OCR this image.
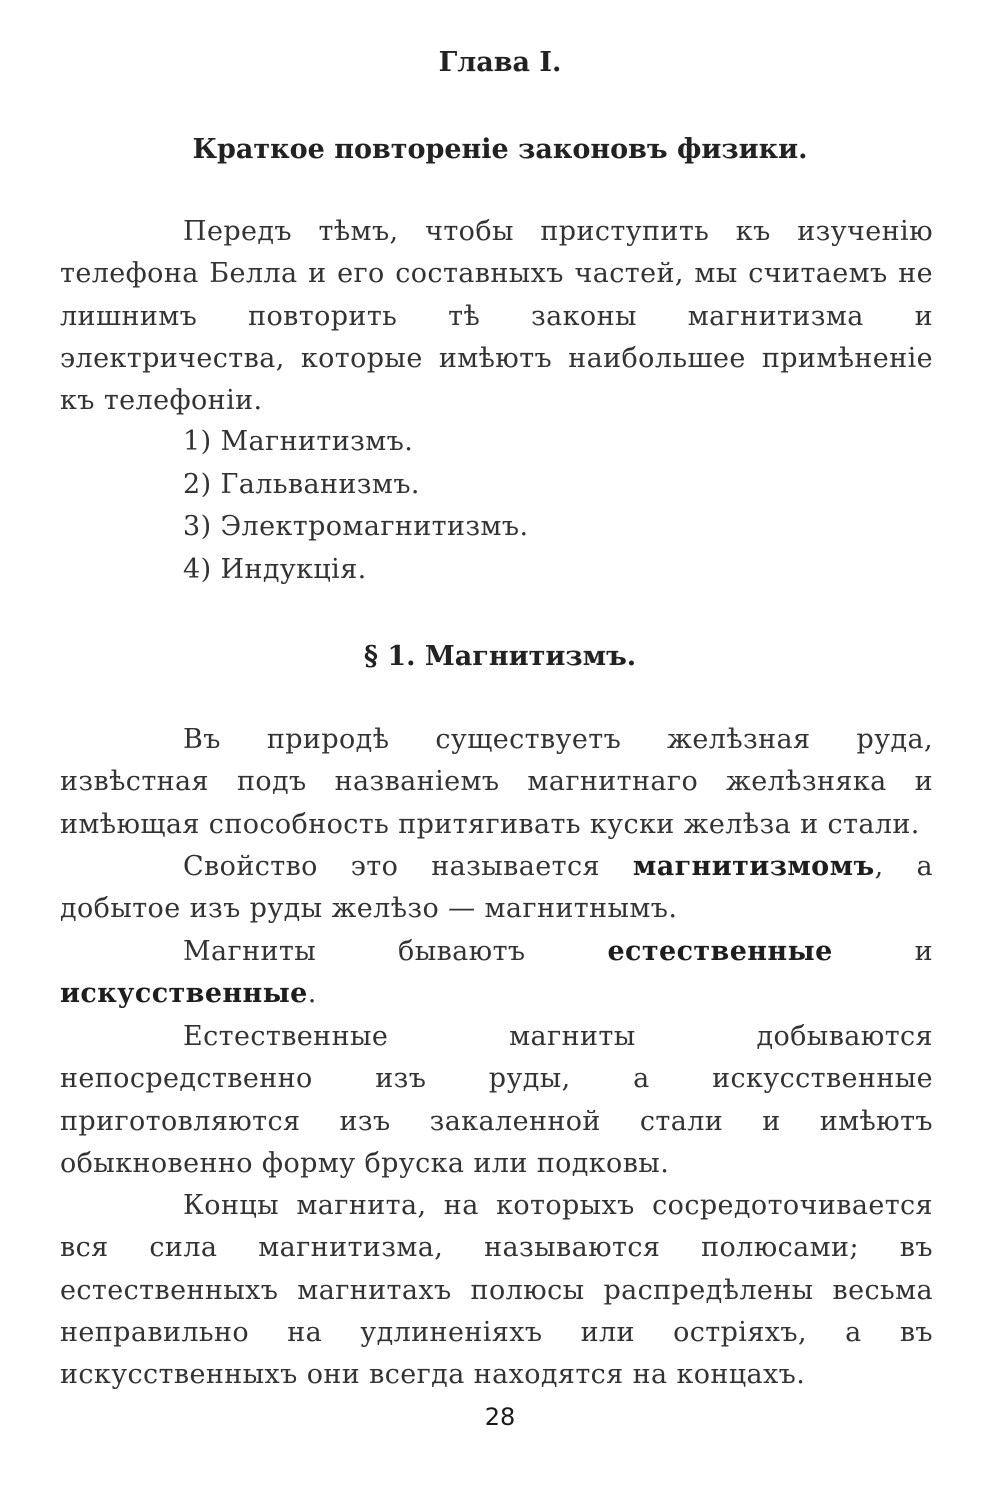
Глава I.
Краткое повтореніе законовъ физики.

Передъ тѣмъ, чтобы приступить къ изученію телефона Белла и его составныхъ частей, мы считаемъ не лишнимъ повторить тѣ законы магнитизма и электричества, которые имѣютъ наибольшее примѣненіе къ телефоніи.

1) Магнитизмъ.
2) Гальванизмъ.
3) Электромагнитизмъ.
4) Индукція.
§ 1. Магнитизмъ.
Въ природѣ существуетъ желѣзная руда, извѣстная подъ названіемъ магнитнаго желѣзняка и имѣющая способность притягивать куски желѣза и стали.
Свойство это называется магнитизмомъ, а добытое изъ руды желѣзо — магнитнымъ.
Магниты бываютъ естественные и искусственные.
Естественные магниты добываются непосредственно изъ руды, а искусственные приготовляются изъ закаленной стали и имѣютъ обыкновенно форму бруска или подковы.
Концы магнита, на которыхъ сосредоточивается вся сила магнитизма, называются полюсами; въ естественныхъ магнитахъ полюсы распредѣлены весьма неправильно на удлиненіяхъ или остріяхъ, а въ искусственныхъ они всегда находятся на концахъ.
28
